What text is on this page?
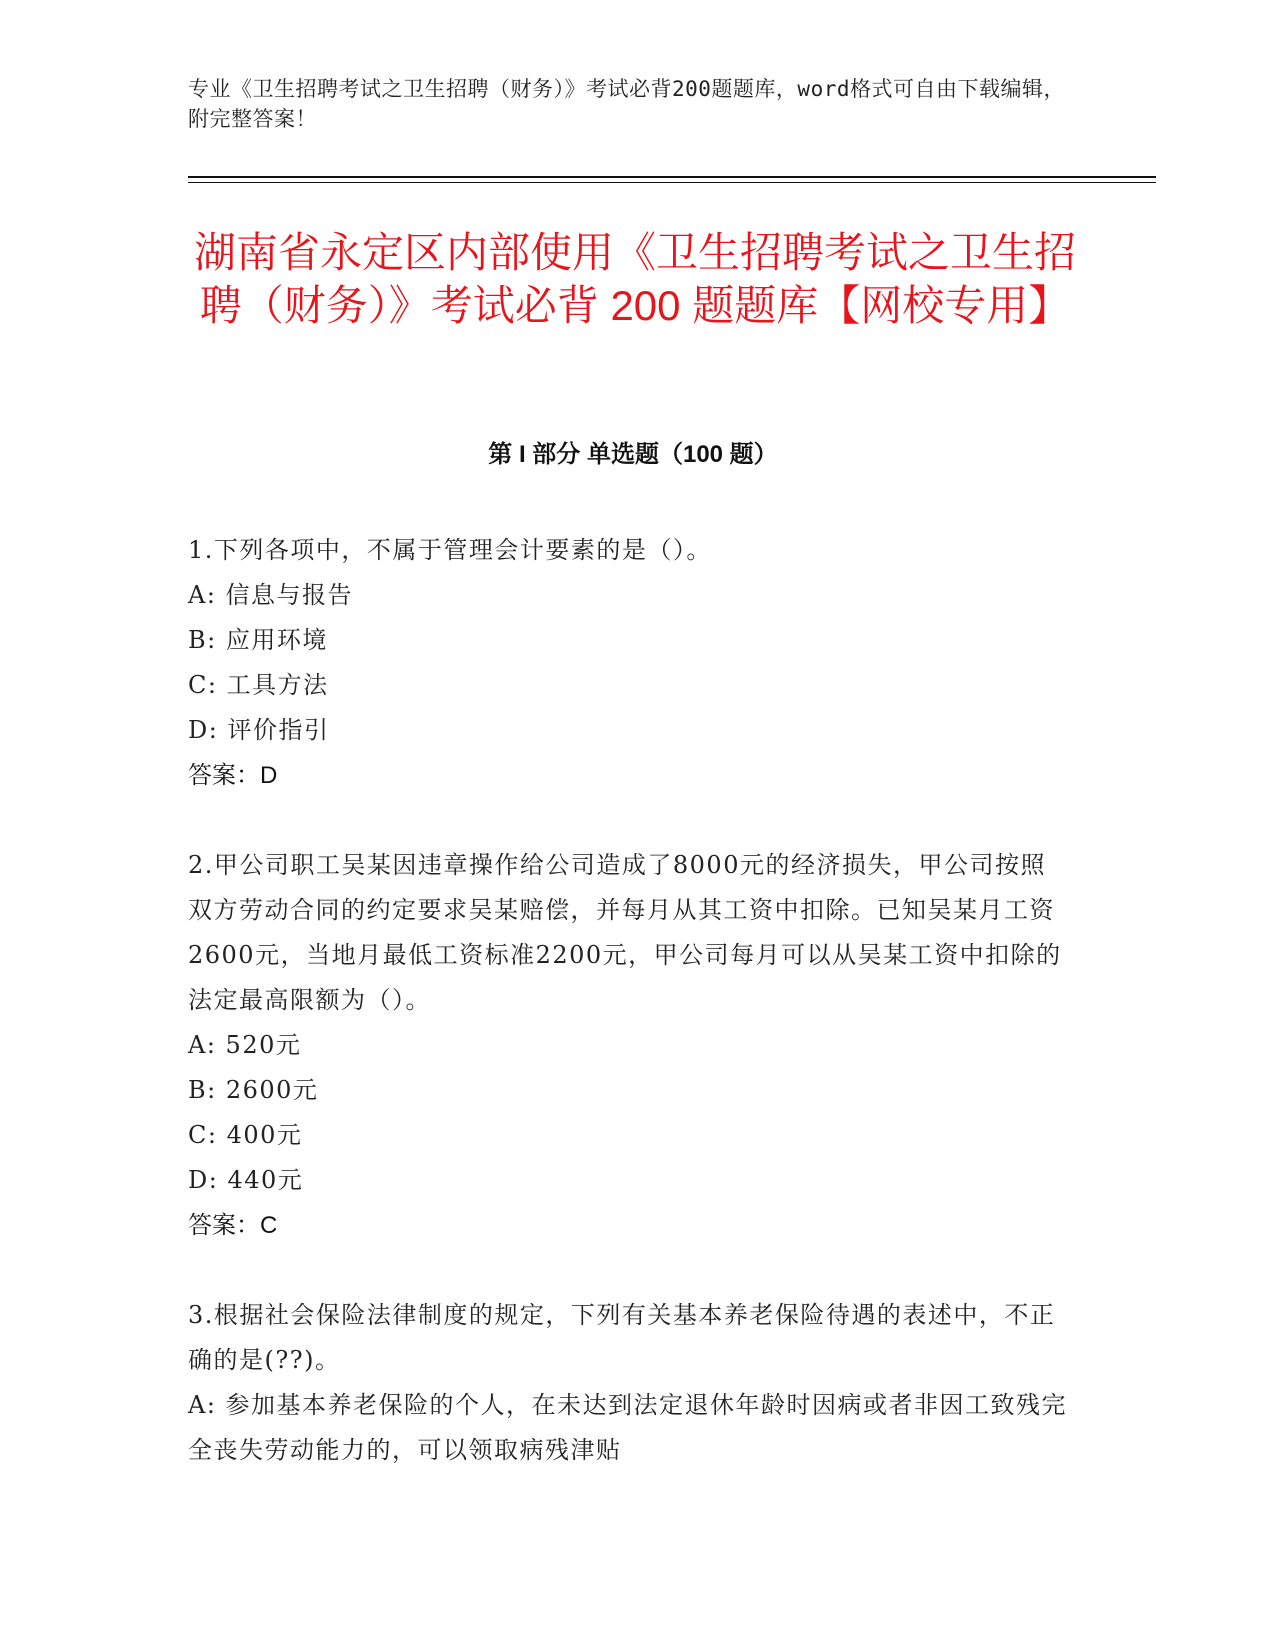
专业《卫生招聘考试之卫生招聘（财务）》考试必背200题题库，word格式可自由下载编辑，附完整答案！
湖南省永定区内部使用《卫生招聘考试之卫生招聘（财务）》考试必背 200 题题库【网校专用】
第 I 部分 单选题（100 题）

1.下列各项中，不属于管理会计要素的是（）。

A: 信息与报告

B: 应用环境

C: 工具方法

D: 评价指引

答案：D

2.甲公司职工吴某因违章操作给公司造成了8000元的经济损失，甲公司按照双方劳动合同的约定要求吴某赔偿，并每月从其工资中扣除。已知吴某月工资2600元，当地月最低工资标准2200元，甲公司每月可以从吴某工资中扣除的法定最高限额为（）。

A: 520元

B: 2600元

C: 400元

D: 440元

答案：C

3.根据社会保险法律制度的规定，下列有关基本养老保险待遇的表述中，不正确的是(??)。

A: 参加基本养老保险的个人，在未达到法定退休年龄时因病或者非因工致残完全丧失劳动能力的，可以领取病残津贴
